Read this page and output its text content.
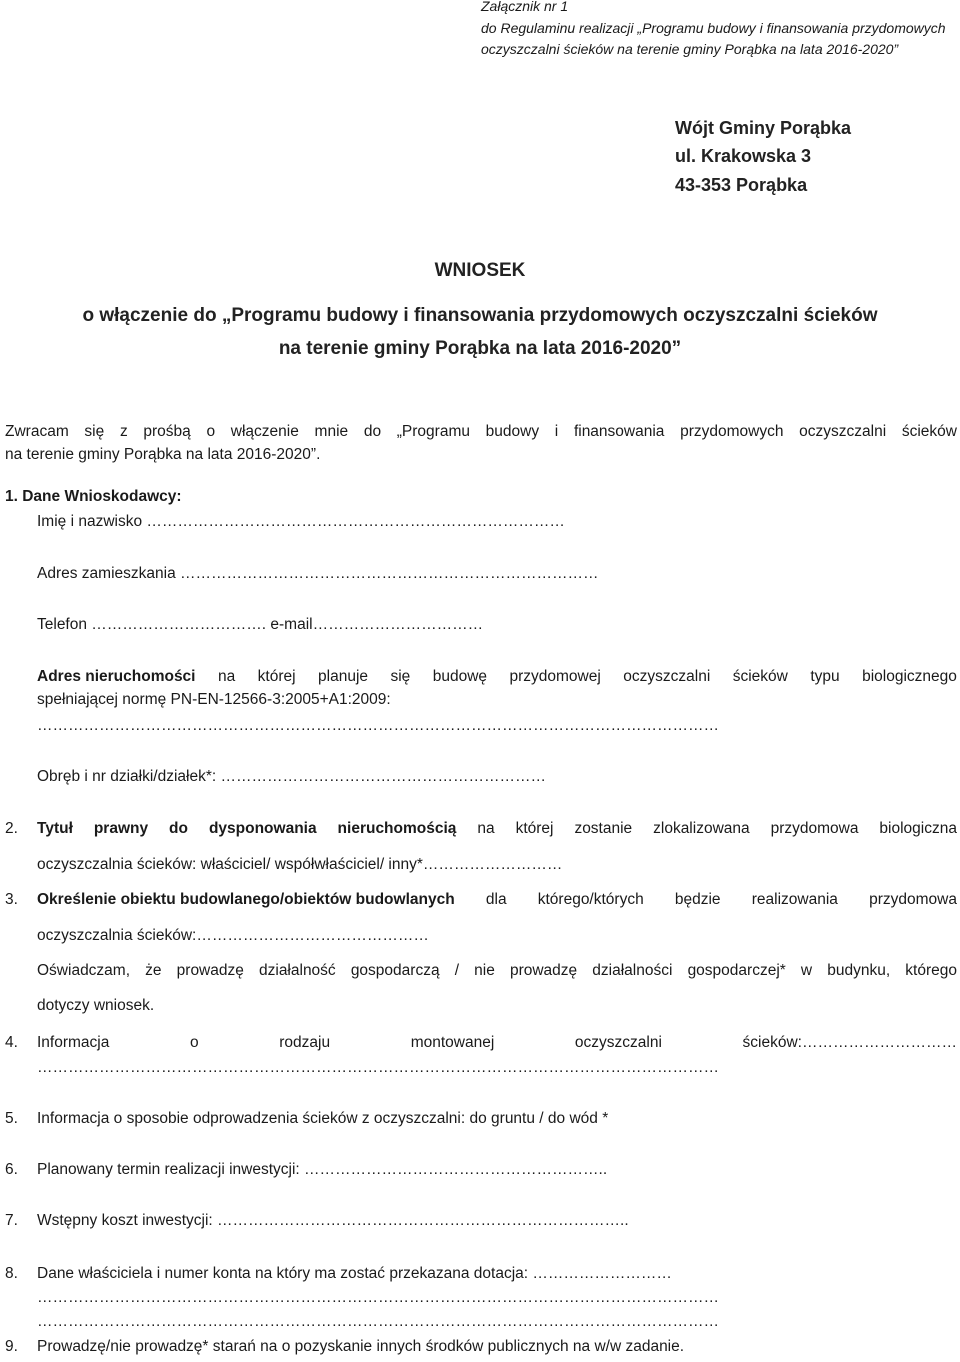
Załącznik nr 1
do Regulaminu realizacji „Programu budowy i finansowania przydomowych
oczyszczalni ścieków na terenie gminy Porąbka na lata 2016-2020”
Wójt Gminy Porąbka
ul. Krakowska 3
43-353 Porąbka
WNIOSEK
o włączenie do „Programu budowy i finansowania przydomowych oczyszczalni ścieków
na terenie gminy Porąbka na lata 2016-2020”
Zwracam się z prośbą o włączenie mnie do „Programu budowy i finansowania przydomowych oczyszczalni ścieków
na terenie gminy Porąbka na lata 2016-2020”.
1. Dane Wnioskodawcy:
Imię i nazwisko ………………………………………………………………………
Adres zamieszkania ………………………………………………………………………
Telefon ……………………………. e-mail……………………………
Adres nieruchomości na której planuje się budowę przydomowej oczyszczalni ścieków typu biologicznego
spełniającej normę PN-EN-12566-3:2005+A1:2009:
……………………………………………………………………………………………………………………
Obręb i nr działki/działek*: ………………………………………………………
2. Tytuł prawny do dysponowania nieruchomością na której zostanie zlokalizowana przydomowa biologiczna
oczyszczalnia ścieków: właściciel/ współwłaściciel/ inny*………………………
3. Określenie obiektu budowlanego/obiektów budowlanych dla którego/których będzie realizowania przydomowa
oczyszczalnia ścieków:………………………………………
Oświadczam, że prowadzę działalność gospodarczą / nie prowadzę działalności gospodarczej* w budynku, którego
dotyczy wniosek.
4. Informacja	o	rodzaju	montowanej	oczyszczalni	ścieków:…………………………
……………………………………………………………………………………………………………………
5. Informacja o sposobie odprowadzenia ścieków z oczyszczalni: do gruntu / do wód *
6. Planowany termin realizacji inwestycji: …………………………………………………..
7. Wstępny koszt inwestycji: ……………………………………………………………………..
8. Dane właściciela i numer konta na który ma zostać przekazana dotacja: ………………………
……………………………………………………………………………………………………………………
……………………………………………………………………………………………………………………
9. Prowadzę/nie prowadzę* starań na o pozyskanie innych środków publicznych na w/w zadanie.
